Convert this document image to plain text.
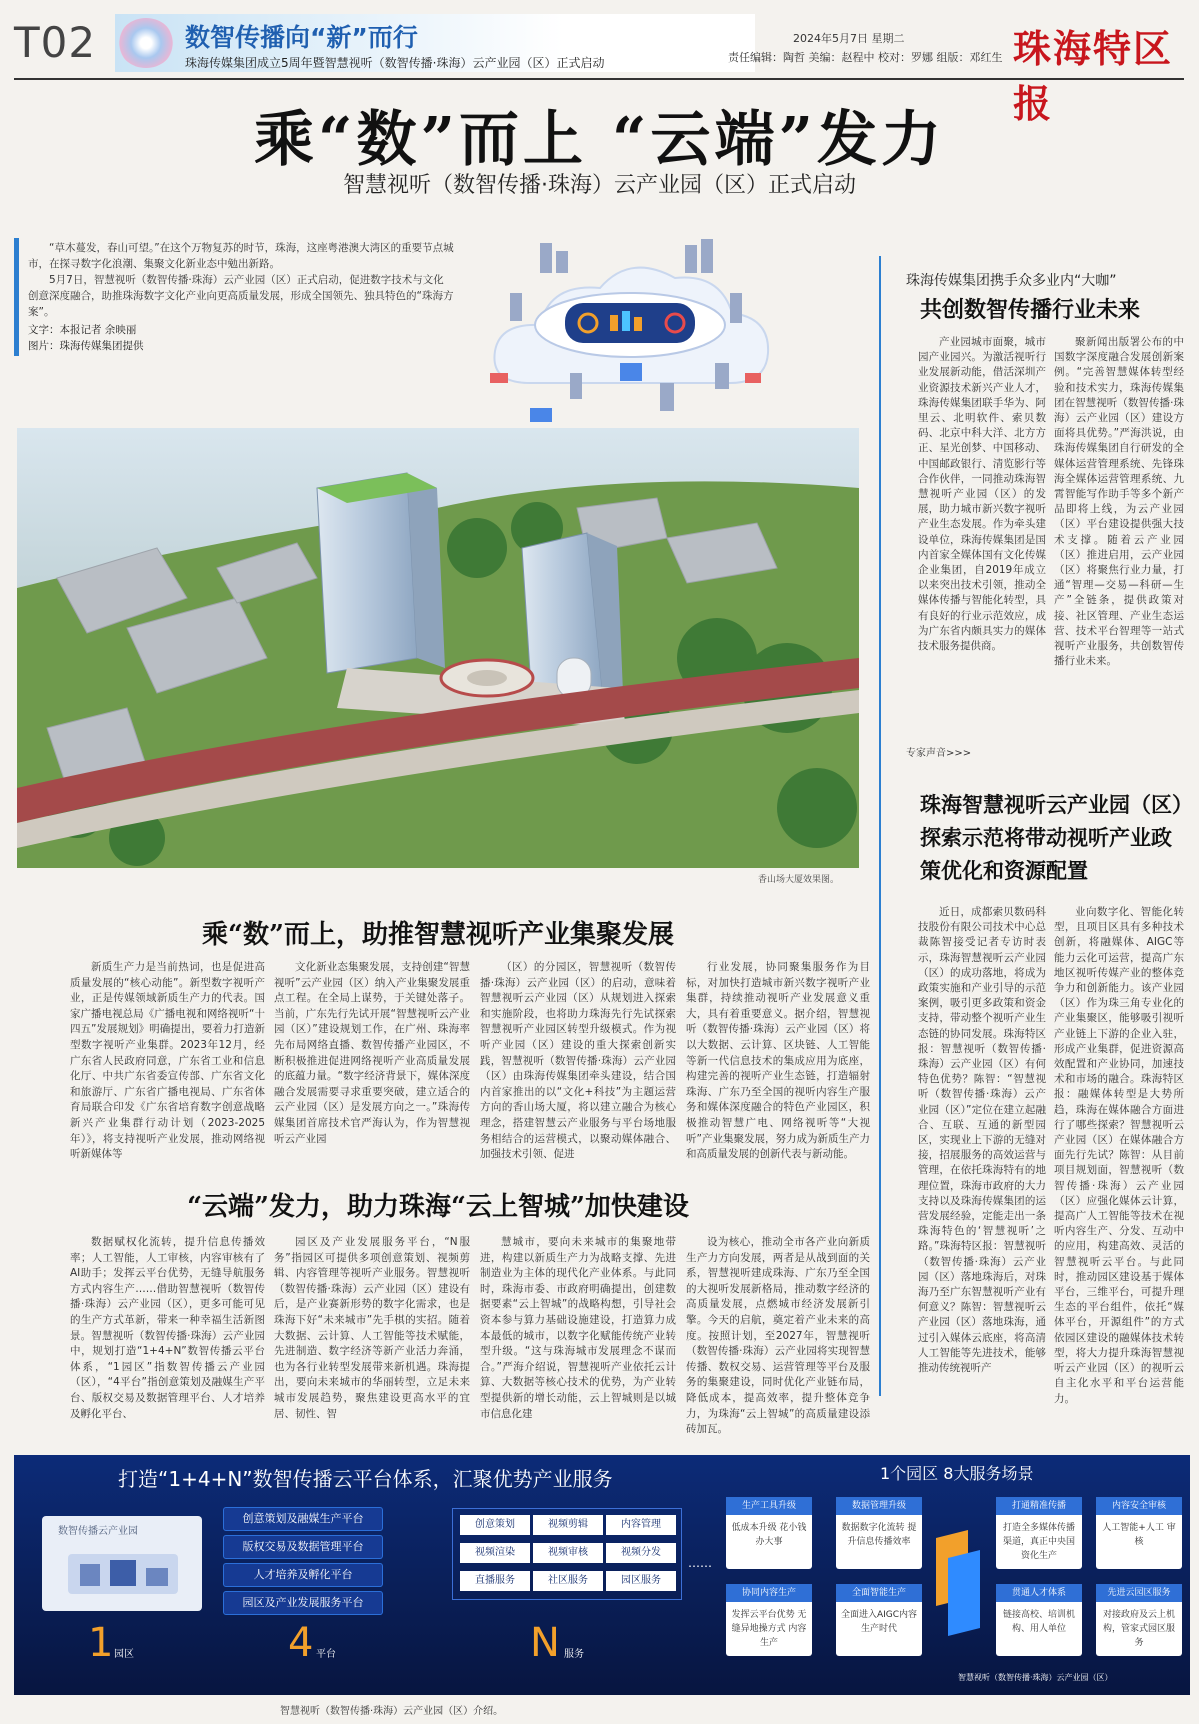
T02	数智传播向“新”而行
珠海传媒集团成立5周年暨智慧视听（数智传播·珠海）云产业园（区）正式启动
2024年5月7日 星期二
责任编辑：陶哲 美编：赵程中 校对：罗娜 组版：邓红生 珠海特区报
乘“数”而上 “云端”发力
智慧视听（数智传播·珠海）云产业园（区）正式启动
“草木蔓发，春山可望。”在这个万物复苏的时节，珠海，这座粤港澳大湾区的重要节点城市，在探寻数字化浪潮、集聚文化新业态中勉出新路。
5月7日，智慧视听（数智传播·珠海）云产业园（区）正式启动，促进数字技术与文化创意深度融合，助推珠海数字文化产业向更高质量发展，形成全国领先、独具特色的“珠海方案”。
文字：本报记者 余映丽
图片：珠海传媒集团提供
香山场大厦效果图。
珠海传媒集团携手众多业内“大咖”
共创数智传播行业未来
产业园城市面聚，城市园产业园兴。为激活视听行业发展新动能，借活深圳产业资源技术新兴产业人才，珠海传媒集团联手华为、阿里云、北明软件、索贝数码、北京中科大洋、北方方正、星光创梦、中国移动、中国邮政银行、清览影行等合作伙伴，一同推动珠海智慧视听产业园（区）的发展，助力城市新兴数字视听产业生态发展。作为牵头建设单位，珠海传媒集团是国内首家全媒体国有文化传媒企业集团，自2019年成立以来突出技术引领，推动全媒体传播与智能化转型，具有良好的行业示范效应，成为广东省内颇具实力的媒体技术服务提供商。
聚新闻出版署公布的中国数字深度融合发展创新案例。“完善智慧媒体转型经验和技术实力，珠海传媒集团在智慧视听（数智传播·珠海）云产业园（区）建设方面将具优势。”严海洪说，由珠海传媒集团自行研发的全媒体运营管理系统、先锋珠海全媒体运营管理系统、九霄智能写作助手等多个新产品即将上线，为云产业园（区）平台建设提供强大技术支撑。随着云产业园（区）推进启用，云产业园（区）将聚焦行业力量，打通“智理—交易—科研—生产”全链条，提供政策对接、社区管理、产业生态运营、技术平台智理等一站式视听产业服务，共创数智传播行业未来。
专家声音>>>
珠海智慧视听云产业园（区）探索示范将带动视听产业政策优化和资源配置
近日，成都索贝数码科技股份有限公司技术中心总裁陈智接受记者专访时表示，珠海智慧视听云产业园（区）的成功落地，将成为政策实施和产业引导的示范案例，吸引更多政策和资金支持，带动整个视听产业生态链的协同发展。珠海特区报：智慧视听（数智传播·珠海）云产业园（区）有何特色优势？陈智：“智慧视听（数智传播·珠海）云产业园（区）”定位在建立起融合、互联、互通的新型园区，实现业上下游的无缝对接，招展服务的高效运营与管理，在依托珠海特有的地理位置，珠海市政府的大力支持以及珠海传媒集团的运营发展经验，定能走出一条珠海特色的‘智慧视听’之路。”珠海特区报：智慧视听（数智传播·珠海）云产业园（区）落地珠海后，对珠海乃至广东智慧视听产业有何意义？陈智：智慧视听云产业园（区）落地珠海，通过引入媒体云底座，将高清人工智能等先进技术，能够推动传统视听产
业向数字化、智能化转型，且项目区具有多种技术创新，将融媒体、AIGC等能力云化可运营，提高广东地区视听传媒产业的整体竞争力和创新能力。该产业园（区）作为珠三角专业化的产业集聚区，能够吸引视听产业链上下游的企业入驻，形成产业集群，促进资源高效配置和产业协同，加速技术和市场的融合。珠海特区报：融媒体转型是大势所趋，珠海在媒体融合方面进行了哪些探索？智慧视听云产业园（区）在媒体融合方面先行先试？陈智：从目前项目规划面，智慧视听（数智传播·珠海）云产业园（区）应强化媒体云计算，提高广人工智能等技术在视听内容生产、分发、互动中的应用，构建高效、灵活的智慧视听云平台。与此同时，推动园区建设基于媒体平台，三维平台，可提升理生态的平台组件，依托“媒体平台，开源组件”的方式依园区建设的融媒体技术转型，将大力提升珠海智慧视听云产业园（区）的视听云自主化水平和平台运营能力。
乘“数”而上，助推智慧视听产业集聚发展
新质生产力是当前热词，也是促进高质量发展的“核心动能”。新型数字视听产业，正是传媒领域新质生产力的代表。国家广播电视总局《广播电视和网络视听“十四五”发展规划》明确提出，要着力打造新型数字视听产业集群。2023年12月，经广东省人民政府同意，广东省工业和信息化厅、中共广东省委宣传部、广东省文化和旅游厅、广东省广播电视局、广东省体育局联合印发《广东省培育数字创意战略新兴产业集群行动计划（2023-2025年）》，将支持视听产业发展，推动网络视听新媒体等
文化新业态集聚发展，支持创建“智慧视听”云产业园（区）纳入产业集聚发展重点工程。在全局上谋势，于关键处落子。当前，广东先行先试开展“智慧视听云产业园（区）”建设规划工作，在广州、珠海率先布局网络直播、数智传播产业园区，不断积极推进促进网络视听产业高质量发展的底蕴力量。“数字经济背景下，媒体深度融合发展需要寻求重要突破，建立适合的云产业园（区）是发展方向之一。”珠海传媒集团首席技术官严海认为，作为智慧视听云产业园
（区）的分园区，智慧视听（数智传播·珠海）云产业园（区）的启动，意味着智慧视听云产业园（区）从规划进入探索和实施阶段，也将助力珠海先行先试探索智慧视听产业园区转型升级模式。作为视听产业园（区）建设的重大探索创新实践，智慧视听（数智传播·珠海）云产业园（区）由珠海传媒集团牵头建设，结合国内首家推出的以“文化+科技”为主题运营方向的香山场大厦，将以建立融合为核心理念，搭建智慧云产业服务与平台场地服务相结合的运营模式，以聚动媒体融合、加强技术引领、促进
行业发展，协同聚集服务作为目标，对加快打造城市新兴数字视听产业集群，持续推动视听产业发展意义重大，具有着重要意义。据介绍，智慧视听（数智传播·珠海）云产业园（区）将以大数据、云计算、区块链、人工智能等新一代信息技术的集成应用为底座，构建完善的视听产业生态链，打造辐射珠海、广东乃至全国的视听内容生产服务和媒体深度融合的特色产业园区，积极推动智慧广电、网络视听等“大视听”产业集聚发展，努力成为新质生产力和高质量发展的创新代表与新动能。
“云端”发力，助力珠海“云上智城”加快建设
数据赋权化流转，提升信息传播效率；人工智能，人工审核，内容审核有了AI助手；发挥云平台优势，无缝导航服务方式内容生产……借助智慧视听（数智传播·珠海）云产业园（区），更多可能可见的生产方式革新，带来一种幸福生活新图景。智慧视听（数智传播·珠海）云产业园中，规划打造“1+4+N”数智传播云平台体系，“1园区”指数智传播云产业园（区），“4平台”指创意策划及融媒生产平台、版权交易及数据管理平台、人才培养及孵化平台、
园区及产业发展服务平台，“N服务”指园区可提供多项创意策划、视频剪辑、内容管理等视听产业服务。智慧视听（数智传播·珠海）云产业园（区）建设有后，是产业赛新形势的数字化需求，也是珠海下好“未来城市”先手棋的实招。随着大数据、云计算、人工智能等技术赋能，先进制造、数字经济等新产业活力奔涌，也为各行业转型发展带来新机遇。珠海提出，要向未来城市的华丽转型，立足未来城市发展趋势，聚焦建设更高水平的宜居、韧性、智
慧城市，要向未来城市的集聚地带进，构建以新质生产力为战略支撑、先进制造业为主体的现代化产业体系。与此同时，珠海市委、市政府明确提出，创建数据要素“云上智城”的战略构想，引导社会资本参与算力基础设施建设，打造算力成本最低的城市，以数字化赋能传统产业转型升级。“这与珠海城市发展理念不谋而合。”严海介绍说，智慧视听产业依托云计算、大数据等核心技术的优势，为产业转型提供新的增长动能，云上智城则是以城市信息化建
设为核心，推动全市各产业向新质生产力方向发展，两者是从战到面的关系，智慧视听建成珠海、广东乃至全国的大视听发展新格局，推动数字经济的高质量发展，点燃城市经济发展新引擎。今天的启航，奠定着产业未来的高度。按照计划，至2027年，智慧视听（数智传播·珠海）云产业园将实现智慧传播、数权交易、运营管理等平台及服务的集聚建设，同时优化产业链布局，降低成本，提高效率，提升整体竞争力，为珠海“云上智城”的高质量建设添砖加瓦。
打造“1+4+N”数智传播云平台体系，汇聚优势产业服务	1个园区 8大服务场景
数智传播云产业园
创意策划及融媒生产平台
版权交易及数据管理平台
人才培养及孵化平台
园区及产业发展服务平台
创意策划	视频剪辑	内容管理
视频渲染	视频审核	视频分发
直播服务	社区服务	园区服务
……
1 园区	4 平台	N 服务
生产工具升级
低成本升级 花小钱办大事
数据管理升级
数据数字化流转 提升信息传播效率
打通精准传播
打造全多媒体传播渠道，真正中央国资化生产
内容安全审核
人工智能+人工 审核
协同内容生产
发挥云平台优势 无缝异地操方式 内容生产
全面智能生产
全面进入AIGC内容生产时代
贯通人才体系
链接高校、培训机构、用人单位
先进云园区服务
对接政府及云上机构，管家式园区服务
智慧视听（数智传播·珠海）云产业园（区）
智慧视听（数智传播·珠海）云产业园（区）介绍。
